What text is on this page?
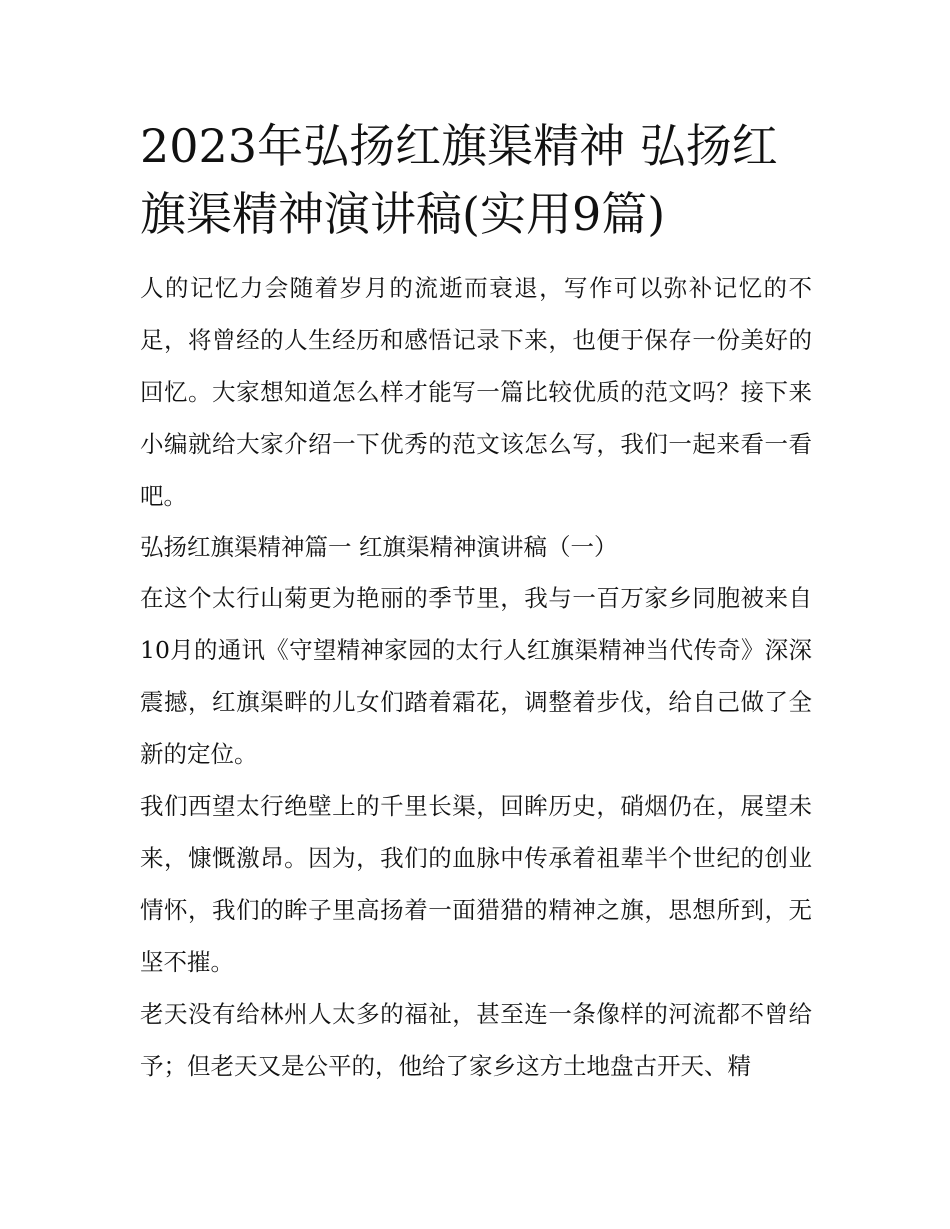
2023年弘扬红旗渠精神 弘扬红旗渠精神演讲稿(实用9篇)

人的记忆力会随着岁月的流逝而衰退，写作可以弥补记忆的不足，将曾经的人生经历和感悟记录下来，也便于保存一份美好的回忆。大家想知道怎么样才能写一篇比较优质的范文吗？接下来小编就给大家介绍一下优秀的范文该怎么写，我们一起来看一看吧。

弘扬红旗渠精神篇一 红旗渠精神演讲稿（一）

在这个太行山菊更为艳丽的季节里，我与一百万家乡同胞被来自10月的通讯《守望精神家园的太行人红旗渠精神当代传奇》深深震撼，红旗渠畔的儿女们踏着霜花，调整着步伐，给自己做了全新的定位。

我们西望太行绝壁上的千里长渠，回眸历史，硝烟仍在，展望未来，慷慨激昂。因为，我们的血脉中传承着祖辈半个世纪的创业情怀，我们的眸子里高扬着一面猎猎的精神之旗，思想所到，无坚不摧。

老天没有给林州人太多的福祉，甚至连一条像样的河流都不曾给予；但老天又是公平的，他给了家乡这方土地盘古开天、精
